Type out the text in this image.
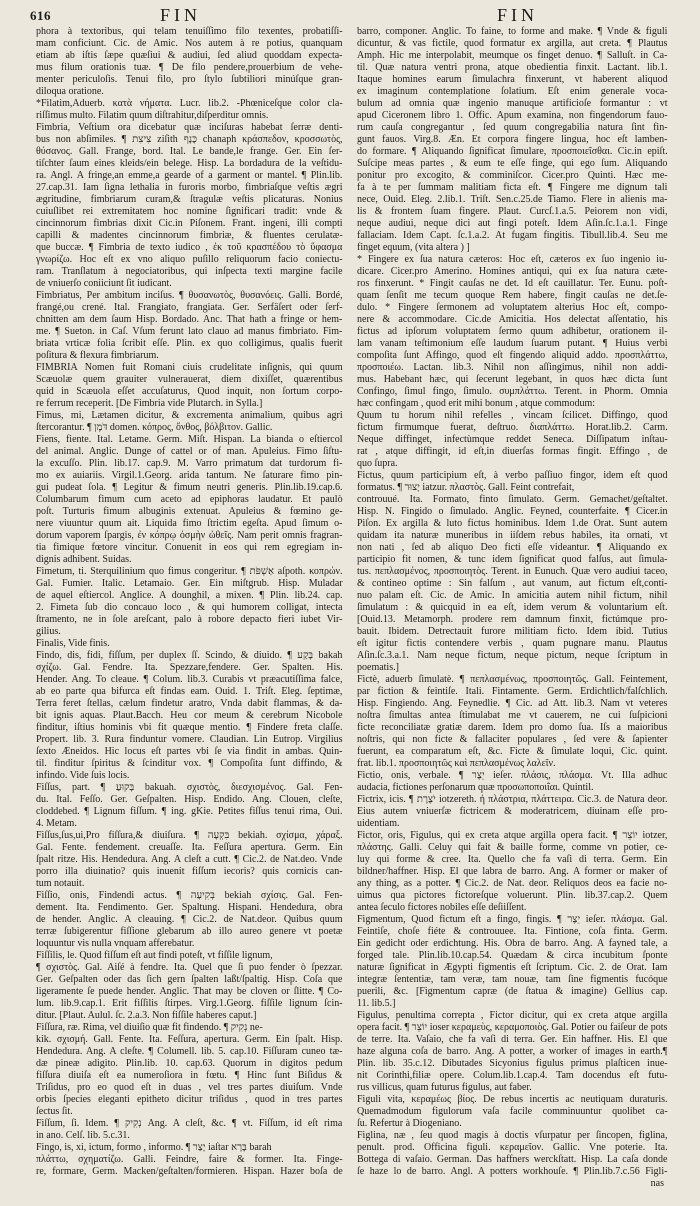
616	FIN	FIN
phora à textoribus, qui telam tenuiſſimo filo texentes, probatiſſi-
mam conficiunt. Cic. de Amic. Nos autem à re potius, quanquam
etiam ab iſtis ſæpe quæſiui & audiui, ſed aliud quoddam expecta-
mus filum orationis tuæ. ¶ De filo pendere,prouerbium de vehe-
menter periculoſis. Tenui filo, pro ſtylo ſubtiliori minúſque gran-
diloqua oratione.
*Filatim,Aduerb. κατὰ νήματα. Lucr. lib.2. -Phœniceſque color cla-
riſſimus multo. Filatim quum diſtrahitur,diſperditur omnis.
Fimbria, Veſtium ora dicebatur quæ inciſuras habebat ſerræ denti-
bus non abſimiles. ¶ צִיצִת ziſith כָּנָף chanaph κράσπεδον, κροσσωτὸς,
θύσανος. Gall. Frange, bord. Ital. Le bande,le frange. Ger. Ein ſer-
tiſchter ſaum eines kleids/ein belege. Hisp. La bordadura de la veſtidu-
ra. Angl. A fringe,an emme,a gearde of a garment or mantel. ¶ Plin.lib.
27.cap.31. Iam ſigna lethalia in furoris morbo, fimbriaſque veſtis ægri
ægritudine, fimbriarum curam,& ſtragulæ veſtis plicaturas. Nonius
cuiuſlibet rei extremitatem hoc nomine ſignificari tradit: vnde &
cincinnorum fimbrias dixit Cic.in Piſonem. Frant. ingeni, illi compti
capilli & madentes cincinnorum fimbriæ, & fluentes cerulatæ-
que buccæ. ¶ Fimbria de texto iudico , ἐκ τοῦ κρασπέδου τὸ ὕφασμα
γνωρίζω. Hoc eſt ex vno aliquo puſillo reliquorum facio coniectu-
ram. Tranſlatum à negociatoribus, qui inſpecta texti margine facile
de vniuerſo coniiciunt ſit iudicant.
Fimbriatus, Per ambitum inciſus. ¶ θυσανωτὸς, θυσανόεις. Galli. Bordé,
frangé,ou crené. Ital. Frangiato, frangiata. Ger. Serfäſert oder ſerf-
chnitten am dem ſaum Hisp. Bordado. Anc. That hath a fringe or hem-
me. ¶ Sueton. in Caſ. Vſum ferunt lato clauo ad manus fimbriato. Fim-
briata vrticæ folia ſcribit eſſe. Plin. ex quo colligimus, qualis fuerit
poſitura & flexura fimbriarum.
FIMBRIA Nomen fuit Romani ciuis crudelitate inſignis, qui quum
Scæuolæ quem grauiter vulnerauerat, diem dixiſſet, quærentibus
quid in Scæuola eſſet accuſaturus, Quod inquit, non ſortum corpo-
re ferrum receperit. [De Fimbria vide Plutarch. in Sylla.]
Fimus, mi, Lætamen dicitur, & excrementa animalium, quibus agri
ſtercorantur. ¶ דֹּמֶן domen. κόπρος, ὄνθος, βόλβιτον. Gallic.
Fiens, fiente. Ital. Letame. Germ. Miſt. Hispan. La bianda o eſtiercol
del animal. Anglic. Dunge of cattel or of man. Apuleius. Fimo ſiſtu-
la excuſſo. Plin. lib.17. cap.9. M. Varro primatum dat turdorum fi-
mo ex auiariis. Virgil.1.Georg. arida tantum. Ne ſaturare fimo pin-
gui pudeat ſola. ¶ Legitur & fimum neutri generis. Plin.lib.19.cap.6.
Columbarum fimum cum aceto ad epiphoras laudatur. Et paulò
poſt. Turturis fimum albuginis extenuat. Apuleius & fœmino ge-
nere viuuntur quum ait. Liquida fimo ſtrictim egeſta. Apud ſimum o-
dorum vaporem ſpargis, ἐν κόπρῳ ὀσμὴν ὠθεῖς. Nam perit omnis fragran-
tia fimique fœtore vincitur. Conuenit in eos qui rem egregiam in-
dignis adhibent. Suidas.
Fimetum, ti. Sterquilinium quo fimus congeritur. ¶ אַשְׁפֹּת aſpoth. κοπρών.
Gal. Fumier. Italic. Letamaio. Ger. Ein miſtgrub. Hisp. Muladar
de aquel eſtiercol. Anglice. A dounghil, a mixen. ¶ Plin. lib.24. cap.
2. Fimeta ſub dio concauo loco , & qui humorem colligat, intecta
ſtramento, ne in ſole areſcant, palo à robore depacto fieri iubet Vir-
gilius.
Finalis, Vide finis.
Findo, dis, fidi, fiſſum, per duplex ſſ. Scindo, & diuido. ¶ בָּקַע bakah
σχίζω. Gal. Fendre. Ita. Spezzare,fendere. Ger. Spalten. His.
Hender. Ang. To cleaue. ¶ Colum. lib.3. Curabis vt præacutiſſima falce,
ab eo parte qua bifurca eſt findas eam. Ouid. 1. Triſt. Eleg. ſeptimæ,
Terra feret ſtellas, cælum findetur aratro, Vnda dabit flammas, & da-
bit ignis aquas. Plaut.Bacch. Heu cor meum & cerebrum Nicobole
finditur, iſtius hominis vbi fit quæque mentio. ¶ Findere freta claſſe.
Propert. lib. 3. Rura finduntur vomere. Claudian. Lin Eutrop. Virgilius
ſexto Æneidos. Hic locus eſt partes vbi ſe via findit in ambas. Quin-
til. finditur ſpiritus & ſcinditur vox. ¶ Compoſita ſunt diffindo, &
infindo. Vide ſuis locis.
Fiſſus, part. ¶ בָּקוּעַ bakuah. σχιστὸς, διεσχισμένος. Gal. Fen-
du. Ital. Feſſo. Ger. Geſpalten. Hisp. Endido. Ang. Clouen, cleſte,
cloddebed. ¶ Lignum fiſſum. ¶ ing. gKie. Petites fiſſus tenui rima, Oui.
4. Metam.
Fiſſus,ſus,ui,Pro fiſſura,& diuiſura. ¶ בִּקְעָה bekiah. σχίσμα, χάραξ.
Gal. Fente. fendement. creuaſſe. Ita. Feſſura apertura. Germ. Ein
ſpalt ritze. His. Hendedura. Ang. A cleſt a cutt. ¶ Cic.2. de Nat.deo. Vnde
porro illa diuinatio? quis inuenit fiſſum iecoris? quis cornicis can-
tum notauit.
Fiſſio, onis, Findendi actus. ¶ בְּקִיעָה bekiah σχίσις. Gal. Fen-
dement. Ita. Fendimento. Ger. Spaltung. Hispani. Hendedura, obra
de hender. Anglic. A cleauing. ¶ Cic.2. de Nat.deor. Quibus quum
terræ ſubigerentur fiſſione glebarum ab illo aureo genere vt poetæ
loquuntur vis nulla vnquam afferebatur.
Fiſſilis, le. Quod fiſſum eſt aut findi poteſt, vt fiſſile lignum,
¶ σχιστὸς. Gal. Aiſé à fendre. Ita. Quel que ſi puo fender ò ſpezzar.
Ger. Geſpalten oder das ſich gern ſpalten laßt/ſpaltig. Hisp. Coſa que
ligeramente ſe puede hender. Anglic. That may be cloven or ſlitte. ¶ Co-
lum. lib.9.cap.1. Erit fiſſilis ſtirpes. Virg.1.Georg. fiſſile lignum ſcin-
ditur. [Plaut. Aulul. ſc. 2.a.3. Non fiſſile haberes caput.]
Fiſſura, ræ. Rima, vel diuiſio quæ fit findendo. ¶ נְקִיק ne-
kik. σχισμή. Gall. Fente. Ita. Feſſura, apertura. Germ. Ein ſpalt. Hisp.
Hendedura. Ang. A cleſte. ¶ Columell. lib. 5. cap.10. Fiſſuram cuneo tæ-
dæ pineæ adigito. Plin.lib. 10. cap.63. Quorum in digitos pedum
fiſſura diuiſa eſt ea numeroſiora in fœtu. ¶ Hinc ſunt Biſidus &
Triſidus, pro eo quod eſt in duas , vel tres partes diuiſum. Vnde
orbis ſpecies eleganti epitheto dicitur triſidus , quod in tres partes
ſectus ſit.
Fiſſum, ſi. Idem. ¶ נְקִיק Ang. A cleſt, &c. ¶ vt. Fiſſum, id eſt rima
in ano. Celſ. lib. 5.c.31.
Fingo, is, xi, ictum, formo , informo. ¶ יָצַר iaſtar בָּרָא barah
πλάττω, σχηματίζω. Galli. Feindre, faire & former. Ita. Finge-
re, formare, Germ. Macken/geſtalten/formieren. Hispan. Hazer boſa de
barro, componer. Anglic. To faine, to forme and make. ¶ Vnde & figuli
dicuntur, & vas fictile, quod formatur ex argilla, aut creta. ¶ Plautus
Amph. Hic me interpolabit, meumque os finget denuo. ¶ Salluſt. in Ca-
til. Quæ natura ventri prona, atque obedientia finxit. Lactant. lib.1.
Itaque homines earum ſimulachra finxerunt, vt haberent aliquod
ex imaginum contemplatione ſolatium. Eſt enim generale voca-
bulum ad omnia quæ ingenio manuque artificioſe formantur : vt
apud Ciceronem libro 1. Offic. Apum examina, non fingendorum fauo-
rum cauſa congregantur , ſed quum congregabilia natura ſint fin-
gunt fauos. Virg.8. Æn. Et corpora fingere lingua, hoc eſt lamben-
do formare. ¶ Aliquando ſignificat ſimulare, προσποιεῖσθαι. Cic.in epiſt.
Suſcipe meas partes , & eum te eſſe finge, qui ego ſum. Aliquando
ponitur pro excogito, & comminiſcor. Cicer.pro Quinti. Hæc me-
fa à te per ſummam malitiam ficta eſt. ¶ Fingere me dignum tali
nece, Ouid. Eleg. 2.lib.1. Triſt. Sen.c.25.de Tiamo. Flere in alienis ma-
lis & frontem ſuam fingere. Plaut. Curcſ.1.a.5. Peiorem non vidi,
neque audiui, neque dici aut fingi poteſt. Idem Aſin.ſc.1.a.1. Finge
fallaciam. Idem Capt. ſc.1.a.2. At fugam fingitis. Tibull.lib.4. Seu me
finget equum, (vita altera ) ]
* Fingere ex ſua natura cæteros: Hoc eſt, cæteros ex ſuo ingenio iu-
dicare. Cicer.pro Amerino. Homines antiqui, qui ex ſua natura cæte-
ros finxerunt. * Fingit cauſas ne det. Id eſt cauillatur. Ter. Eunu. poſt-
quam ſenſit me tecum quoque Rem habere, fingit cauſas ne det.ſe-
dulo. * Fingere ſermonem ad voluptatem alterius Hoc eſt, compo-
nere & accommodare. Cic.de Amicitia. Hos delectat aſſentatio, his
fictus ad ipſorum voluptatem ſermo quum adhibetur, orationem il-
lam vanam teſtimonium eſſe laudum ſuarum putant. ¶ Huius verbi
compoſita ſunt Affingo, quod eſt fingendo aliquid addo. προσπλάττω,
προσποιέω. Lactan. lib.3. Nihil non aſſingimus, nihil non addi-
mus. Habebant hæc, qui ſecerunt legebant, in quos hæc dicta ſunt
Confingo, ſimul fingo, ſimulo. συμπλάττω. Terent. in Phorm. Omnia
hæc confingam , quod erit mihi bonum , atque commodum:
Quum tu horum nihil refelles , vincam ſcilicet. Diffingo, quod
fictum firmumque fuerat, deſtruo. διαπλάττω. Horat.lib.2. Carm.
Neque diffinget, infectùmque reddet Seneca. Diſſipatum inſtau-
rat , atque diffingit, id eſt,in diuerſas formas fingit. Effingo , de
quo ſupra.
Fictus, quum participium eſt, à verbo paſſiuo fingor, idem eſt quod
formatus. ¶ יָצוּר iatzur. πλαστὸς. Gall. Feint contrefait,
controuué. Ita. Formato, finto ſimulato. Germ. Gemachet/geſtaltet.
Hisp. N. Fingido o ſimulado. Anglic. Feyned, counterfaite. ¶ Cicer.in
Piſon. Ex argilla & luto fictus hominibus. Idem 1.de Orat. Sunt autem
quidam ita naturæ muneribus in iiſdem rebus habiles, ita ornati, vt
non nati , ſed ab aliquo Deo ficti eſſe videantur. ¶ Aliquando ex
participio fit nomen, & tunc idem ſignificat quod falſus, aut ſimula-
tus. πεπλασμένος, προσποιητὸς. Terent. in Eunuch. Quæ vero audiui taceo,
& contineo optime : Sin falſum , aut vanum, aut fictum eſt,conti-
nuo palam eſt. Cic. de Amic. In amicitia autem nihil fictum, nihil
ſimulatum : & quicquid in ea eſt, idem verum & voluntarium eſt.
[Ouid.13. Metamorph. prodere rem damnum finxit, fictúmque pro-
bauit. Ibidem. Detrectauit furore militiam ficto. Idem ibid. Tutius
eſt igitur fictis contendere verbis , quam pugnare manu. Plautus
Aſin.ſc.3.a.1. Nam neque fictum, neque pictum, neque ſcriptum in
poematis.]
Fictè, aduerb ſimulatè. ¶ πεπλασμένως, προσποιητῶς. Gall. Feintement,
par fiction & feintiſe. Itali. Fintamente. Germ. Erdichtlich/falſchlich.
Hisp. Fingiendo. Ang. Feynedlie. ¶ Cic. ad Att. lib.3. Nam vt veteres
noſtra ſimultas antea ſtimulabat me vt cauerem, ne cui ſuſpicioni
ficte reconciliatæ gratiæ darem. Idem pro domo ſua. Iſs a maioribus
noſtris, qui non ficte & fallaciter populares , ſed vere & ſapienter
fuerunt, ea comparatum eſt, &c. Ficte & ſimulate loqui, Cic. quint.
frat. lib.1. προσποιητῶς καὶ πεπλασμένως λαλεῖν.
Fictio, onis, verbale. ¶ יֵצֶר ieſer. πλάσις, πλάσμα. Vt. Illa adhuc
audacia, fictiones perſonarum quæ προσωποποιΐαι. Quintil.
Fictrix, icis. ¶ יֹצֶרֶת iotzereth. ἡ πλάστρια, πλάττειρα. Cic.3. de Natura deor.
Eius autem vniuerſæ fictricem & moderatricem, diuinam eſſe pro-
uidentiam.
Fictor, oris, Figulus, qui ex creta atque argilla opera facit. ¶ יוֹצֵר iotzer,
πλάστης. Galli. Celuy qui fait & baille forme, comme vn potier, ce-
luy qui forme & cree. Ita. Quello che fa vaſi di terra. Germ. Ein
bildner/haffner. Hisp. El que labra de barro. Ang. A former or maker of
any thing, as a potter. ¶ Cic.2. de Nat. deor. Reliquos deos ea facie no-
uimus qua pictores fictoreſque voluerunt. Plin. lib.37.cap.2. Quem
antea ſeculo fictores nobiles eſſe deſiiſſent.
Figmentum, Quod fictum eſt a fingo, fingis. ¶ יֵצֶר ieſer. πλάσμα. Gal.
Feintiſe, choſe fiéte & controuuee. Ita. Fintione, coſa finta. Germ.
Ein gedicht oder erdichtung. His. Obra de barro. Ang. A fayned tale, a
forged tale. Plin.lib.10.cap.54. Quædam & circa incubitum ſponte
naturæ ſignificat in Ægypti figmentis eſt ſcriptum. Cic. 2. de Orat. Iam
integræ ſententiæ, tam veræ, tam nouæ, tam ſine figmentis fucóque
puerili, &c. [Figmentum capræ (de ſtatua & imagine) Gellius cap.
11. lib.5.]
Figulus, penultima correpta , Fictor dicitur, qui ex creta atque argilla
opera facit. ¶ יוֹצֵר ioser κεραμεὺς, κεραμοποιὸς. Gal. Potier ou faiſeur de pots
de terre. Ita. Vaſaio, che fa vaſi di terra. Ger. Ein haffner. His. El que
haze alguna coſa de barro. Ang. A potter, a worker of images in earth.¶
Plin. lib. 35.c.12. Dibutades Sicyonius figulus primus plaſticen inue-
nit Corinthi,filiæ opere. Colum.lib.1.cap.4. Tam docendus eſt futu-
rus villicus, quam futurus figulus, aut faber.
Figuli vita, κεραμέως βίος. De rebus incertis ac neutiquam duraturis.
Quemadmodum figulorum vaſa facile comminuuntur quolibet ca-
ſu. Refertur à Diogeniano.
Figlina, næ , ſeu quod magis à doctis vſurpatur per ſincopen, figlina,
penult. prod. Officina figuli. κεραμεῖον. Gallic. Vne poterie. Ita.
Bottega di vaſaio. German. Das haffners werckſtatt. Hisp. La caſa donde
ſe haze lo de barro. Angl. A potters workhouſe. ¶ Plin.lib.7.c.56 Figli-
nas
